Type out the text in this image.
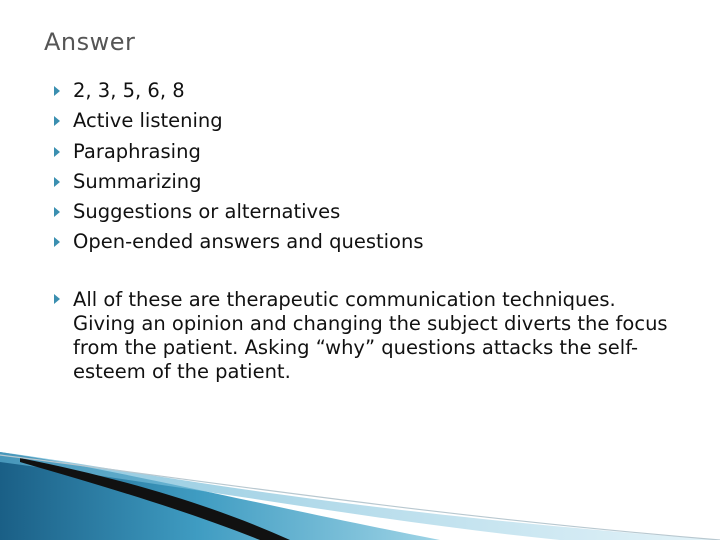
Answer
2, 3, 5, 6, 8
Active listening
Paraphrasing
Summarizing
Suggestions or alternatives
Open-ended answers and questions
All of these are therapeutic communication techniques. Giving an opinion and changing the subject diverts the focus from the patient. Asking “why” questions attacks the self-esteem of the patient.
